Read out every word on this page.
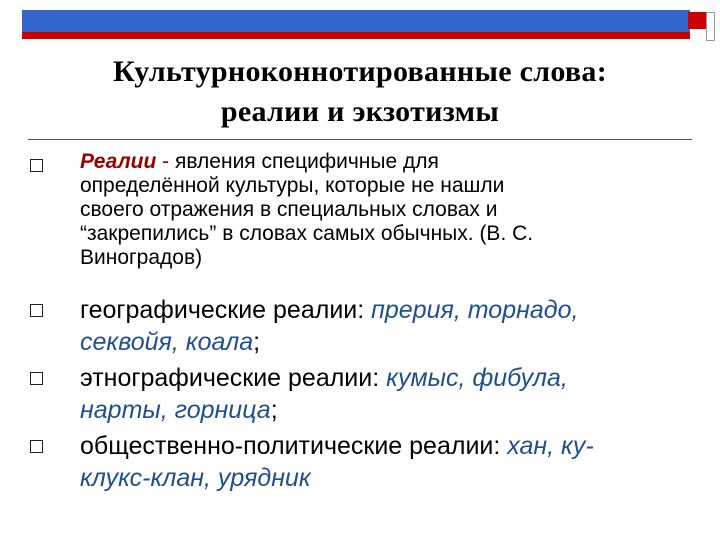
Культурноконнотированные слова:
реалии и экзотизмы
Реалии - явления специфичные для
определённой культуры, которые не нашли
своего отражения в специальных словах и
“закрепились” в словах самых обычных. (В. С.
Виноградов)
географические реалии: прерия, торнадо,
секвойя, коала;
этнографические реалии: кумыс, фибула,
нарты, горница;
общественно-политические реалии: хан, ку-
клукс-клан, урядник
